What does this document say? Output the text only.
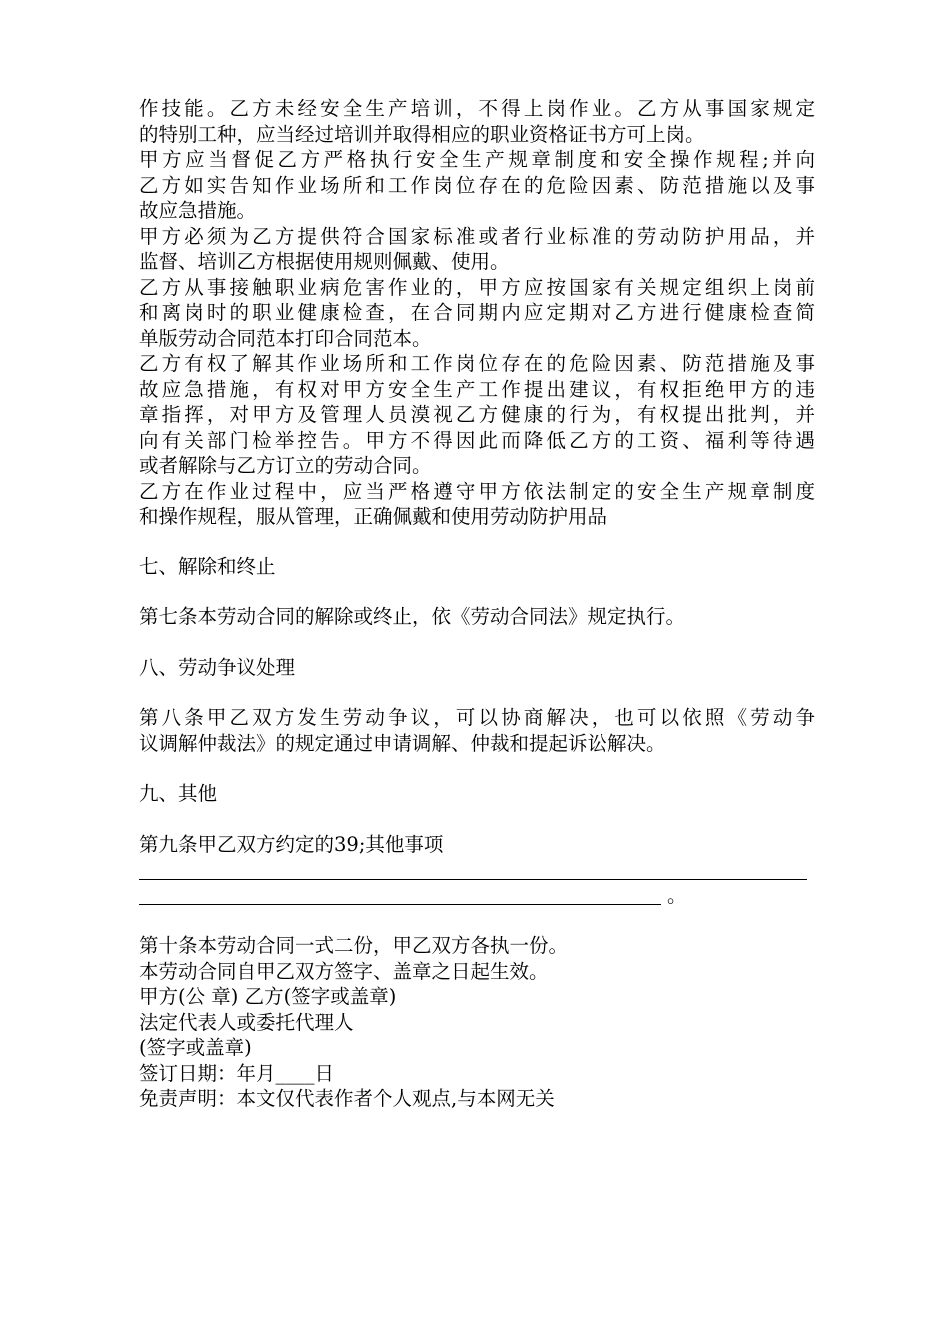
作技能。乙方未经安全生产培训，不得上岗作业。乙方从事国家规定
的特别工种，应当经过培训并取得相应的职业资格证书方可上岗。
甲方应当督促乙方严格执行安全生产规章制度和安全操作规程;并向
乙方如实告知作业场所和工作岗位存在的危险因素、防范措施以及事
故应急措施。
甲方必须为乙方提供符合国家标准或者行业标准的劳动防护用品，并
监督、培训乙方根据使用规则佩戴、使用。
乙方从事接触职业病危害作业的，甲方应按国家有关规定组织上岗前
和离岗时的职业健康检查，在合同期内应定期对乙方进行健康检查简
单版劳动合同范本打印合同范本。
乙方有权了解其作业场所和工作岗位存在的危险因素、防范措施及事
故应急措施，有权对甲方安全生产工作提出建议，有权拒绝甲方的违
章指挥，对甲方及管理人员漠视乙方健康的行为，有权提出批判，并
向有关部门检举控告。甲方不得因此而降低乙方的工资、福利等待遇
或者解除与乙方订立的劳动合同。
乙方在作业过程中，应当严格遵守甲方依法制定的安全生产规章制度
和操作规程，服从管理，正确佩戴和使用劳动防护用品
七、解除和终止
第七条本劳动合同的解除或终止，依《劳动合同法》规定执行。
八、劳动争议处理
第八条甲乙双方发生劳动争议，可以协商解决，也可以依照《劳动争
议调解仲裁法》的规定通过申请调解、仲裁和提起诉讼解决。
九、其他
第九条甲乙双方约定的39;其他事项
。
第十条本劳动合同一式二份，甲乙双方各执一份。
本劳动合同自甲乙双方签字、盖章之日起生效。
甲方(公 章) 乙方(签字或盖章)
法定代表人或委托代理人
(签字或盖章)
签订日期：年月____日
免责声明：本文仅代表作者个人观点,与本网无关
